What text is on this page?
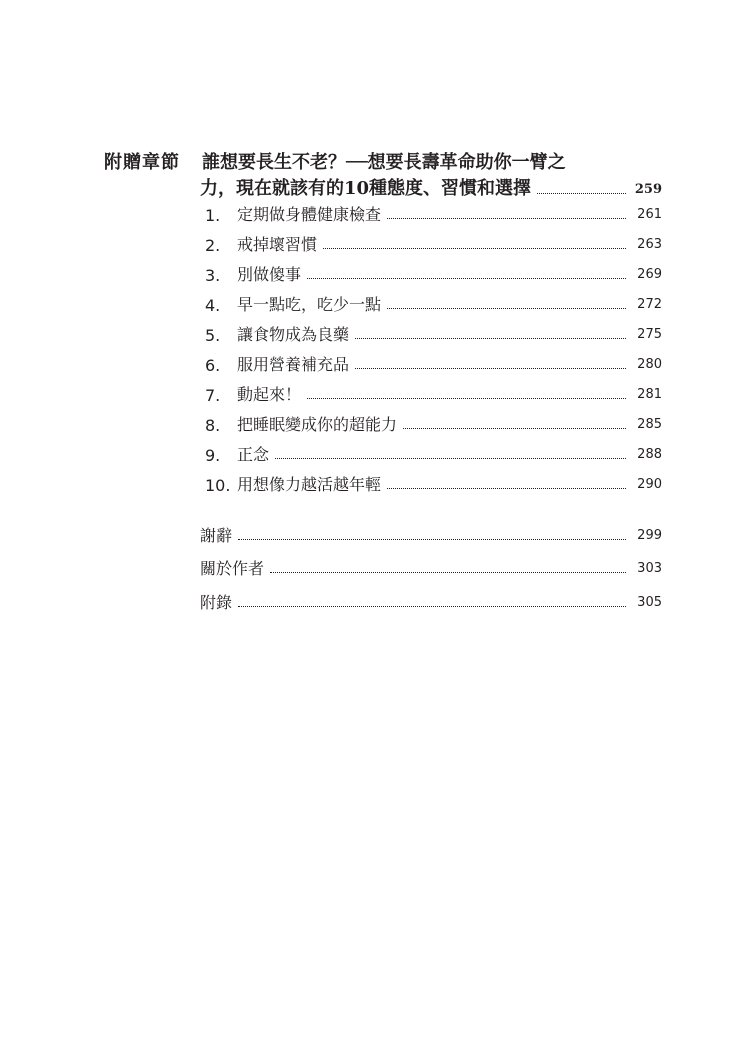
附贈章節 誰想要長生不老？──想要長壽革命助你一臂之
力，現在就該有的10種態度、習慣和選擇	259
1.	定期做身體健康檢查	261
2.	戒掉壞習慣	263
3.	別做傻事	269
4.	早一點吃，吃少一點	272
5.	讓食物成為良藥	275
6.	服用營養補充品	280
7.	動起來！	281
8.	把睡眠變成你的超能力	285
9.	正念	288
10. 用想像力越活越年輕	290
謝辭	299
關於作者	303
附錄	305
